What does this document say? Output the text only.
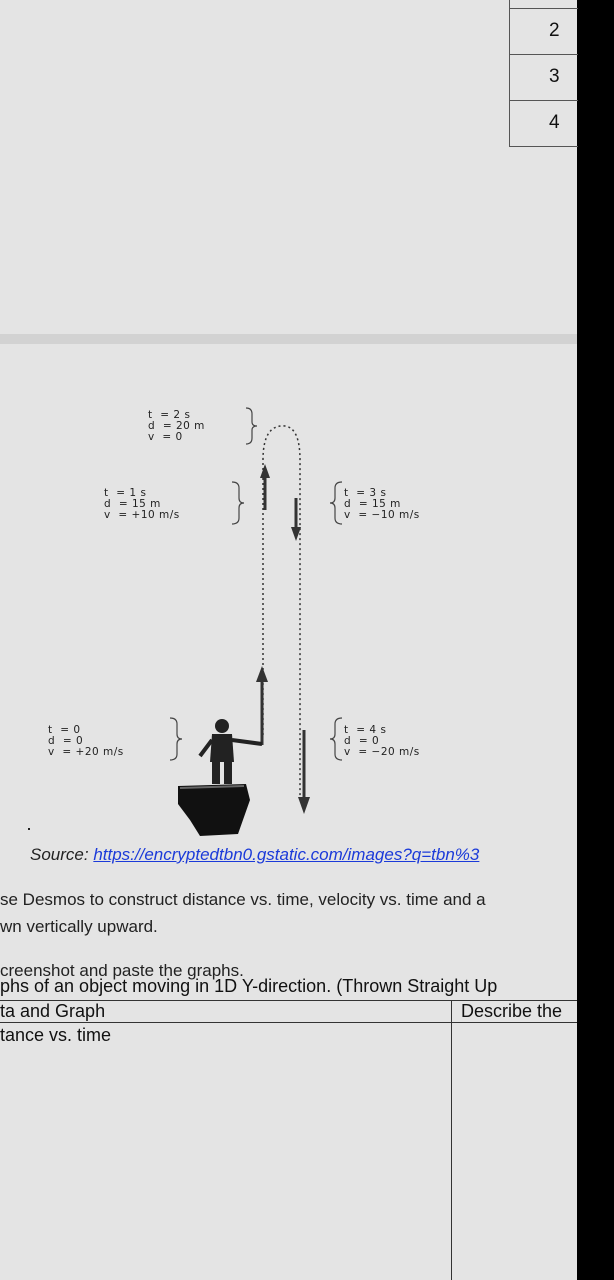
2
3
4
t  = 2 s
d  = 20 m
v  = 0
t  = 1 s
d  = 15 m
v  = +10 m/s
t  = 3 s
d  = 15 m
v  = −10 m/s
t  = 0
d  = 0
v  = +20 m/s
t  = 4 s
d  = 0
v  = −20 m/s
Source: https://encryptedtbn0.gstatic.com/images?q=tbn%3
se Desmos to construct distance vs. time, velocity vs. time and a
wn vertically upward.
creenshot and paste the graphs.
phs of an object moving in 1D Y-direction. (Thrown Straight Up
ta and Graph	Describe the
tance vs. time
